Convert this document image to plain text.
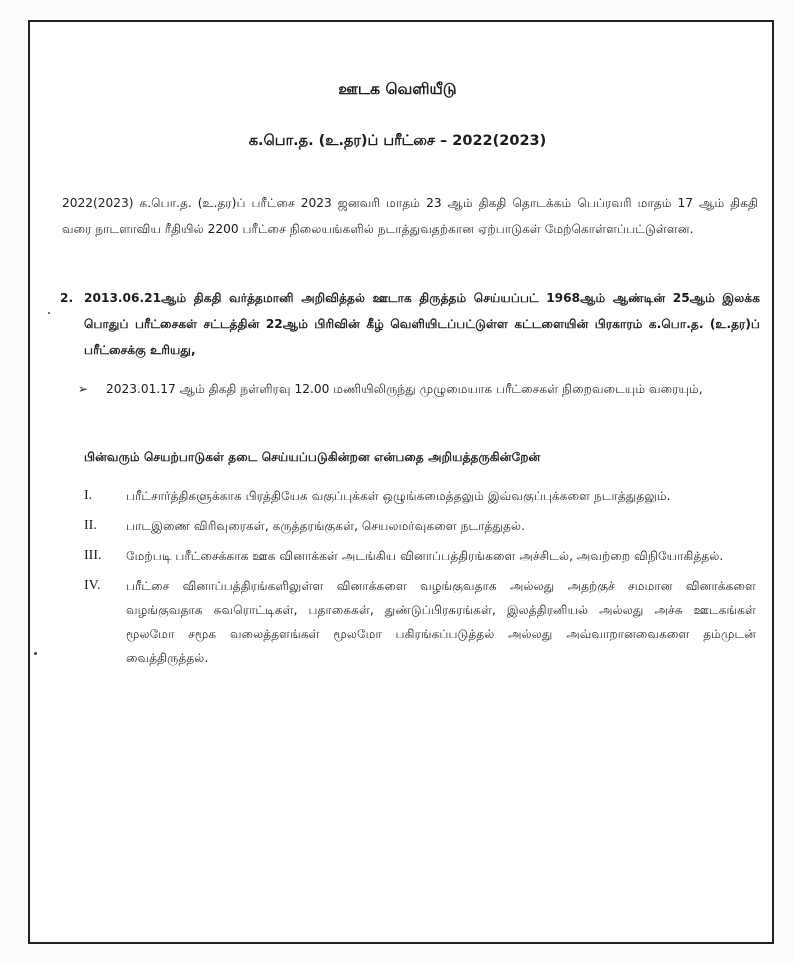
ஊடக வெளியீடு
க.பொ.த. (உ.தர)ப் பரீட்சை – 2022(2023)
2022(2023) க.பொ.த. (உ.தர)ப் பரீட்சை 2023 ஜனவரி மாதம் 23 ஆம் திகதி தொடக்கம் பெப்ரவரி மாதம் 17 ஆம் திகதி வரை நாடளாவிய ரீதியில் 2200 பரீட்சை நிலையங்களில் நடாத்துவதற்கான ஏற்பாடுகள் மேற்கொள்ளப்பட்டுள்ளன.
2. 2013.06.21ஆம் திகதி வர்த்தமானி அறிவித்தல் ஊடாக திருத்தம் செய்யப்பட் 1968ஆம் ஆண்டின் 25ஆம் இலக்க பொதுப் பரீட்சைகள் சட்டத்தின் 22ஆம் பிரிவின் கீழ் வெளியிடப்பட்டுள்ள கட்டளையின் பிரகாரம் க.பொ.த. (உ.தர)ப் பரீட்சைக்கு உரியது,
➢ 2023.01.17 ஆம் திகதி நள்ளிரவு 12.00 மணியிலிருந்து முழுமையாக பரீட்சைகள் நிறைவடையும் வரையும்,
பின்வரும் செயற்பாடுகள் தடை செய்யப்படுகின்றன என்பதை அறியத்தருகின்றேன்
I.	பரீட்சார்த்திகளுக்காக பிரத்தியேக வகுப்புக்கள் ஒழுங்கமைத்தலும் இவ்வகுப்புக்களை நடாத்துதலும்.
II.	பாடஇணை விரிவுரைகள், கருத்தரங்குகள், செயலமர்வுகளை நடாத்துதல்.
III.	மேற்படி பரீட்சைக்காக ஊக வினாக்கள் அடங்கிய வினாப்பத்திரங்களை அச்சிடல், அவற்றை விநியோகித்தல்.
IV.	பரீட்சை வினாப்பத்திரங்களிலுள்ள வினாக்களை வழங்குவதாக அல்லது அதற்குச் சமமான வினாக்களை வழங்குவதாக சுவரொட்டிகள், பதாகைகள், துண்டுப்பிரசுரங்கள், இலத்திரனியல் அல்லது அச்சு ஊடகங்கள் மூலமோ சமூக வலைத்தளங்கள் மூலமோ பகிரங்கப்படுத்தல் அல்லது அவ்வாறானவைகளை தம்முடன் வைத்திருத்தல்.
